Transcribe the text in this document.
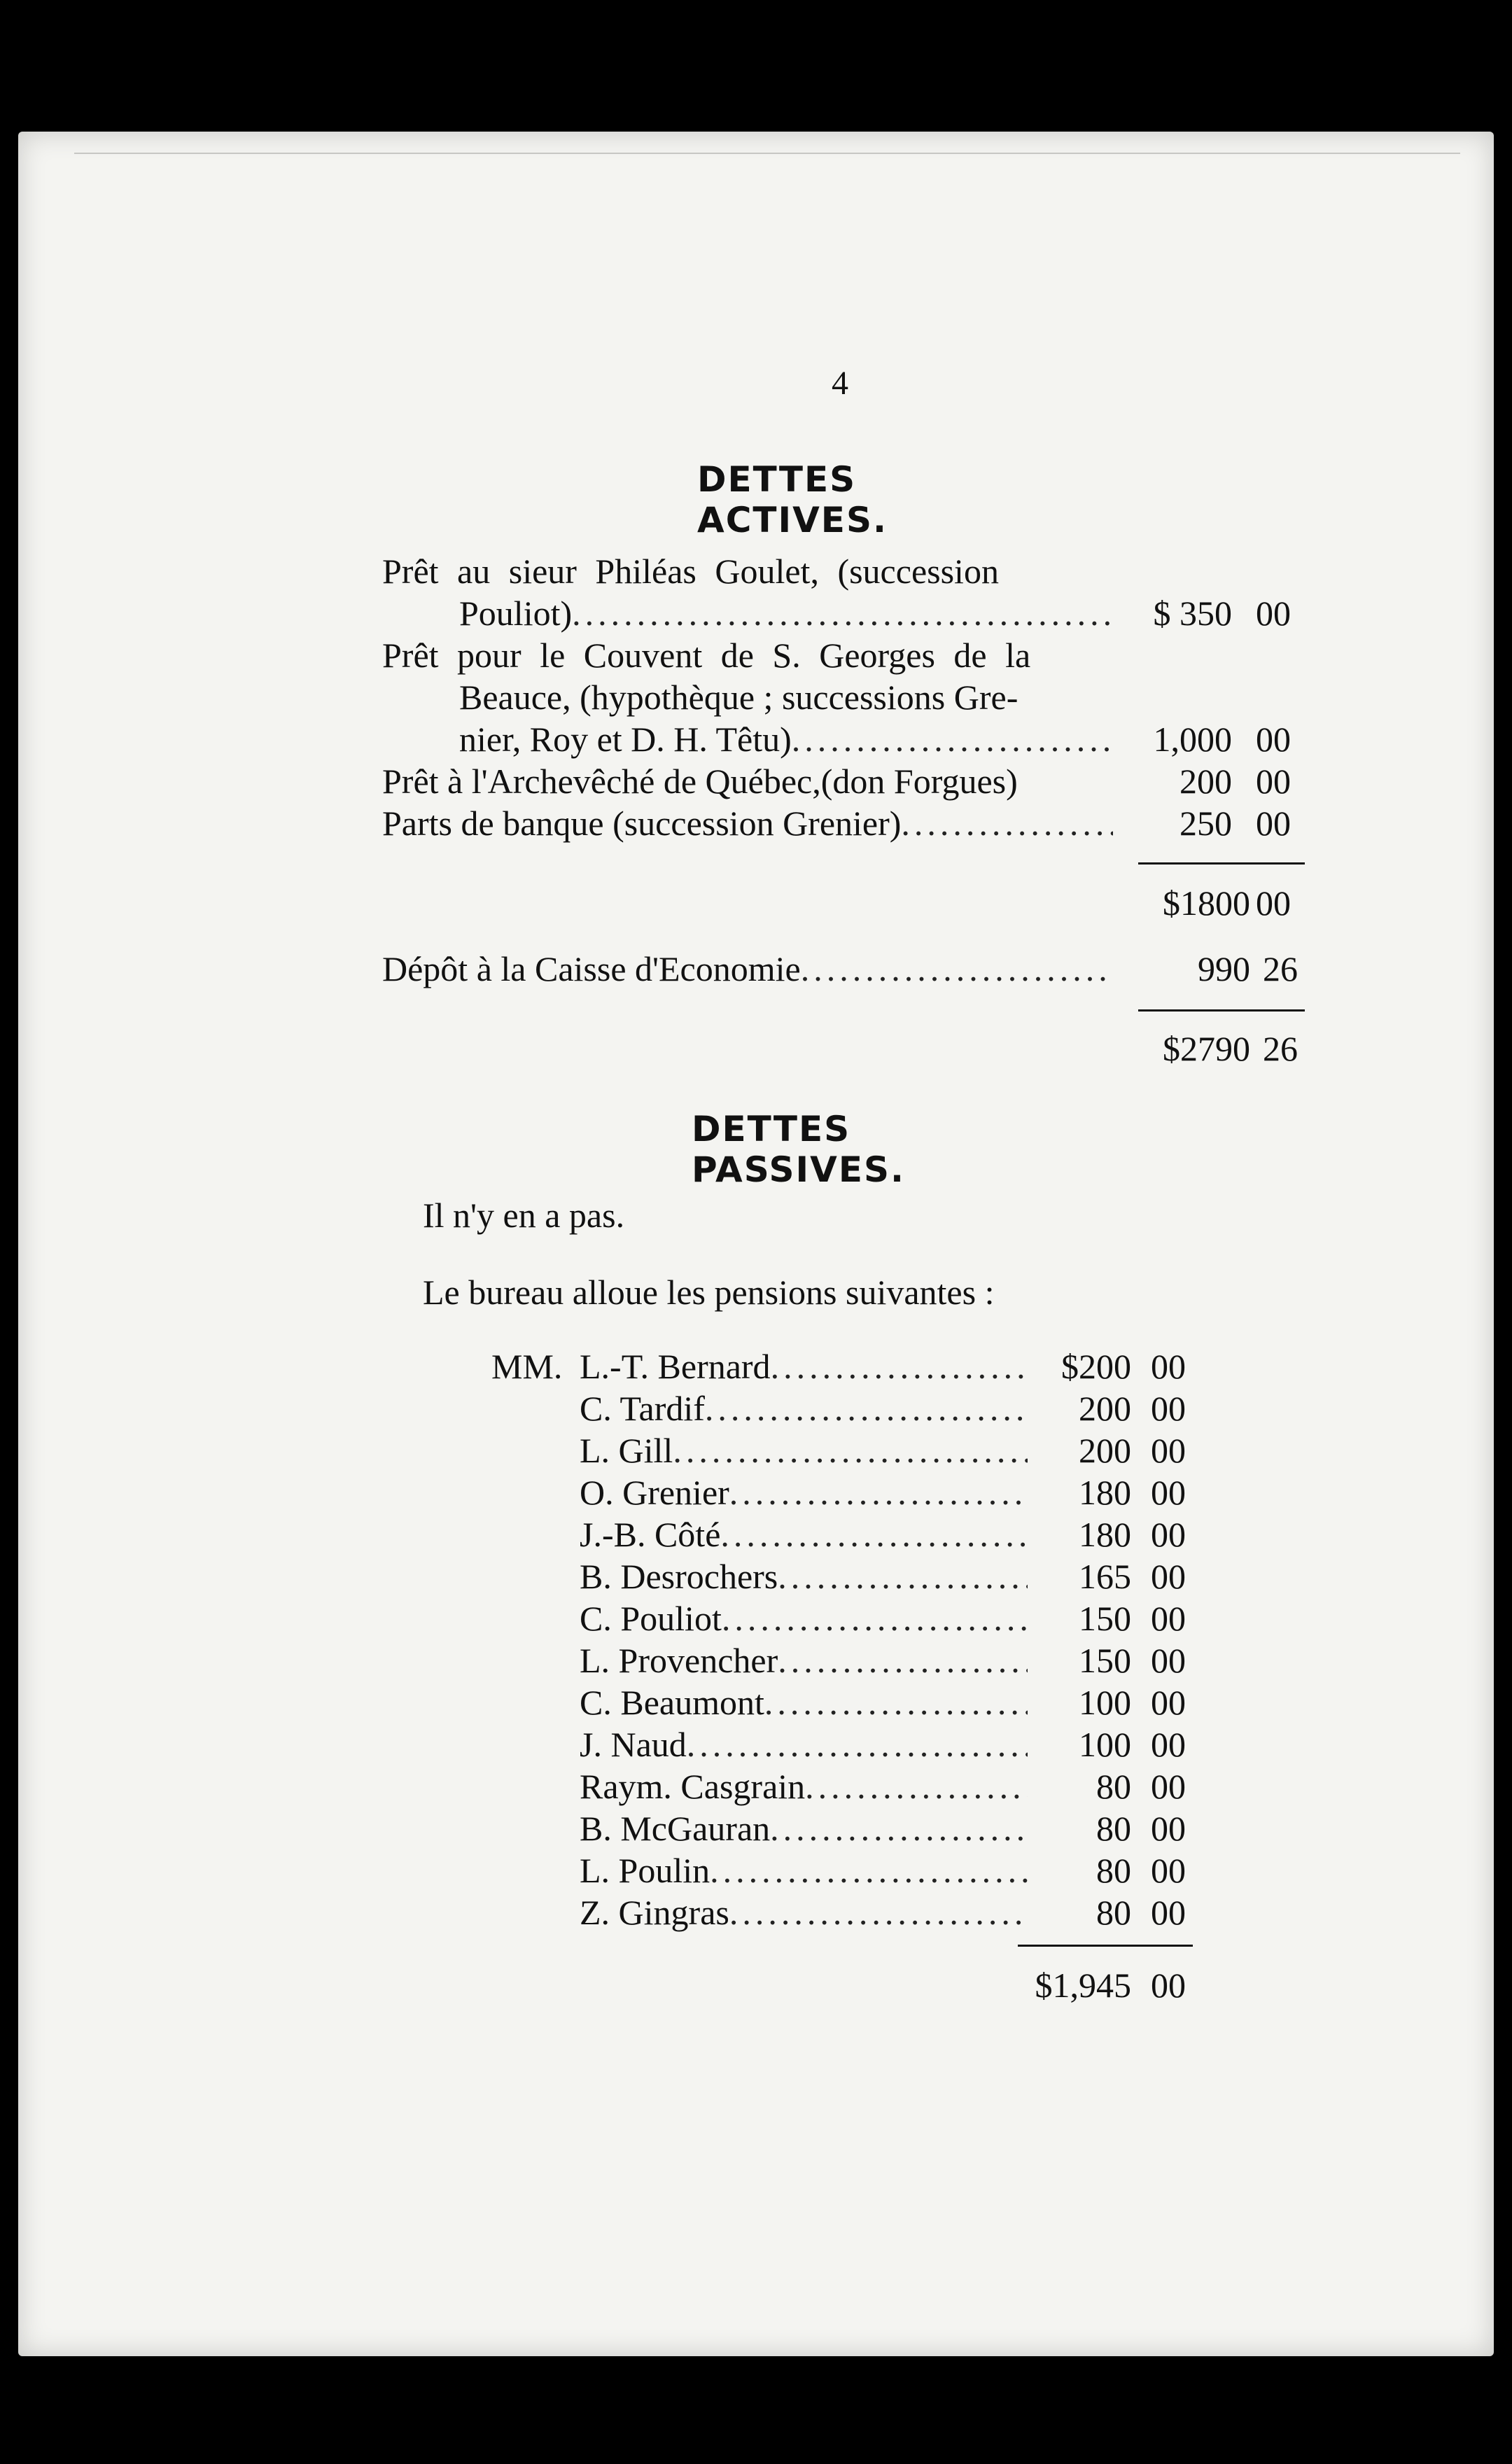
4
DETTES ACTIVES.
Prêt au sieur Philéas Goulet, (succession
Pouliot) .....	$ 350 00
Prêt pour le Couvent de S. Georges de la
Beauce, (hypothèque ; successions Gre-
nier, Roy et D. H. Têtu) .....	1,000 00
Prêt à l'Archevêché de Québec,(don Forgues)	200 00
Parts de banque (succession Grenier) .....	250 00
$1800 00
Dépôt à la Caisse d'Economie .....	990 26
$2790 26
DETTES PASSIVES.
Il n'y en a pas.
Le bureau alloue les pensions suivantes :
MM. L.-T. Bernard .....	$200 00
C. Tardif .....	200 00
L. Gill .....	200 00
O. Grenier .....	180 00
J.-B. Côté .....	180 00
B. Desrochers .....	165 00
C. Pouliot .....	150 00
L. Provencher .....	150 00
C. Beaumont .....	100 00
J. Naud .....	100 00
Raym. Casgrain .....	80 00
B. McGauran .....	80 00
L. Poulin .....	80 00
Z. Gingras .....	80 00
$1,945 00
